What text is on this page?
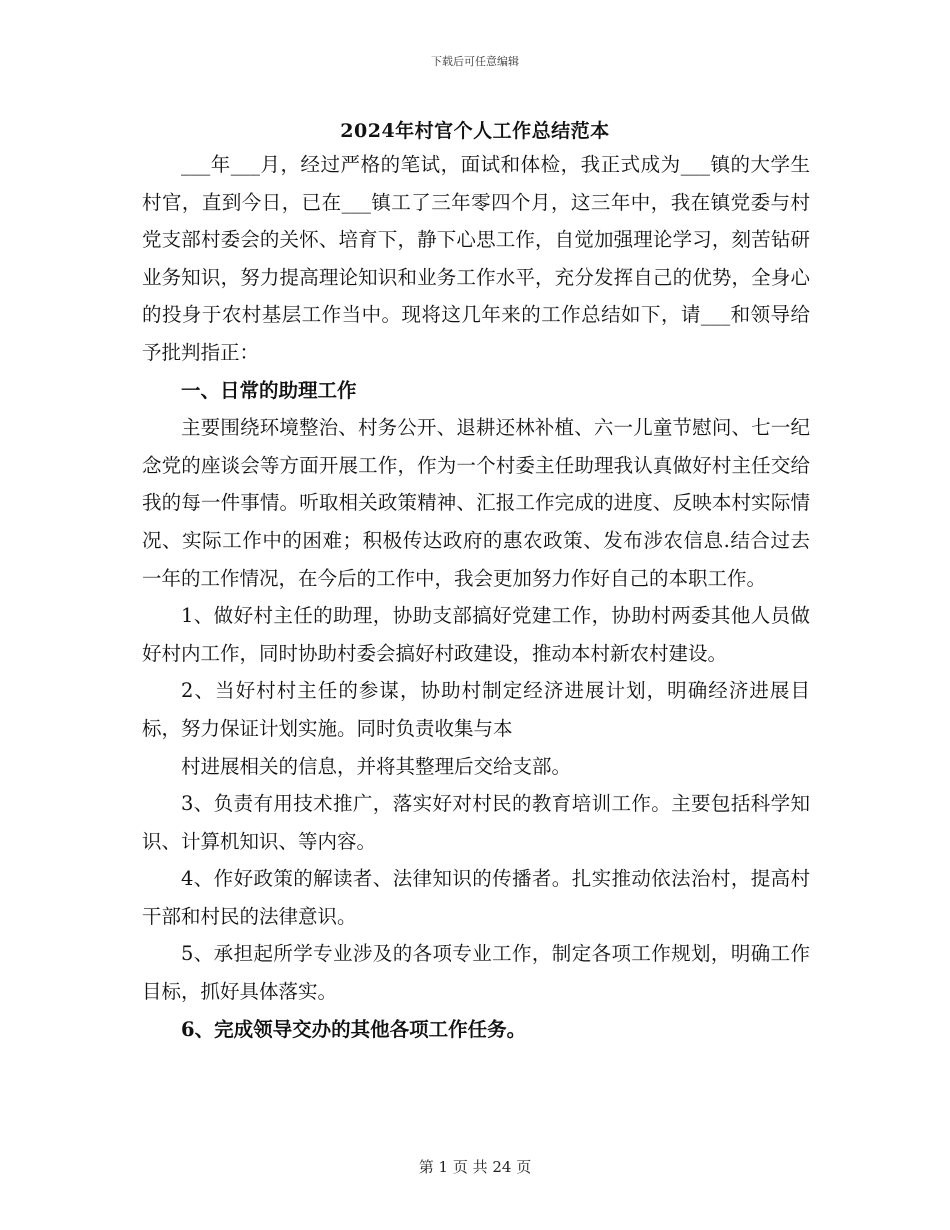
下载后可任意编辑
2024年村官个人工作总结范本

___年___月，经过严格的笔试，面试和体检，我正式成为___镇的大学生村官，直到今日，已在___镇工了三年零四个月，这三年中，我在镇党委与村党支部村委会的关怀、培育下，静下心思工作，自觉加强理论学习，刻苦钻研业务知识，努力提高理论知识和业务工作水平，充分发挥自己的优势，全身心的投身于农村基层工作当中。现将这几年来的工作总结如下，请___和领导给予批判指正：

一、日常的助理工作

主要围绕环境整治、村务公开、退耕还林补植、六一儿童节慰问、七一纪念党的座谈会等方面开展工作，作为一个村委主任助理我认真做好村主任交给我的每一件事情。听取相关政策精神、汇报工作完成的进度、反映本村实际情况、实际工作中的困难；积极传达政府的惠农政策、发布涉农信息.结合过去一年的工作情况，在今后的工作中，我会更加努力作好自己的本职工作。

1、做好村主任的助理，协助支部搞好党建工作，协助村两委其他人员做好村内工作，同时协助村委会搞好村政建设，推动本村新农村建设。

2、当好村村主任的参谋，协助村制定经济进展计划，明确经济进展目标，努力保证计划实施。同时负责收集与本

村进展相关的信息，并将其整理后交给支部。

3、负责有用技术推广，落实好对村民的教育培训工作。主要包括科学知识、计算机知识、等内容。

4、作好政策的解读者、法律知识的传播者。扎实推动依法治村，提高村干部和村民的法律意识。

5、承担起所学专业涉及的各项专业工作，制定各项工作规划，明确工作目标，抓好具体落实。

6、完成领导交办的其他各项工作任务。

第 1 页 共 24 页
